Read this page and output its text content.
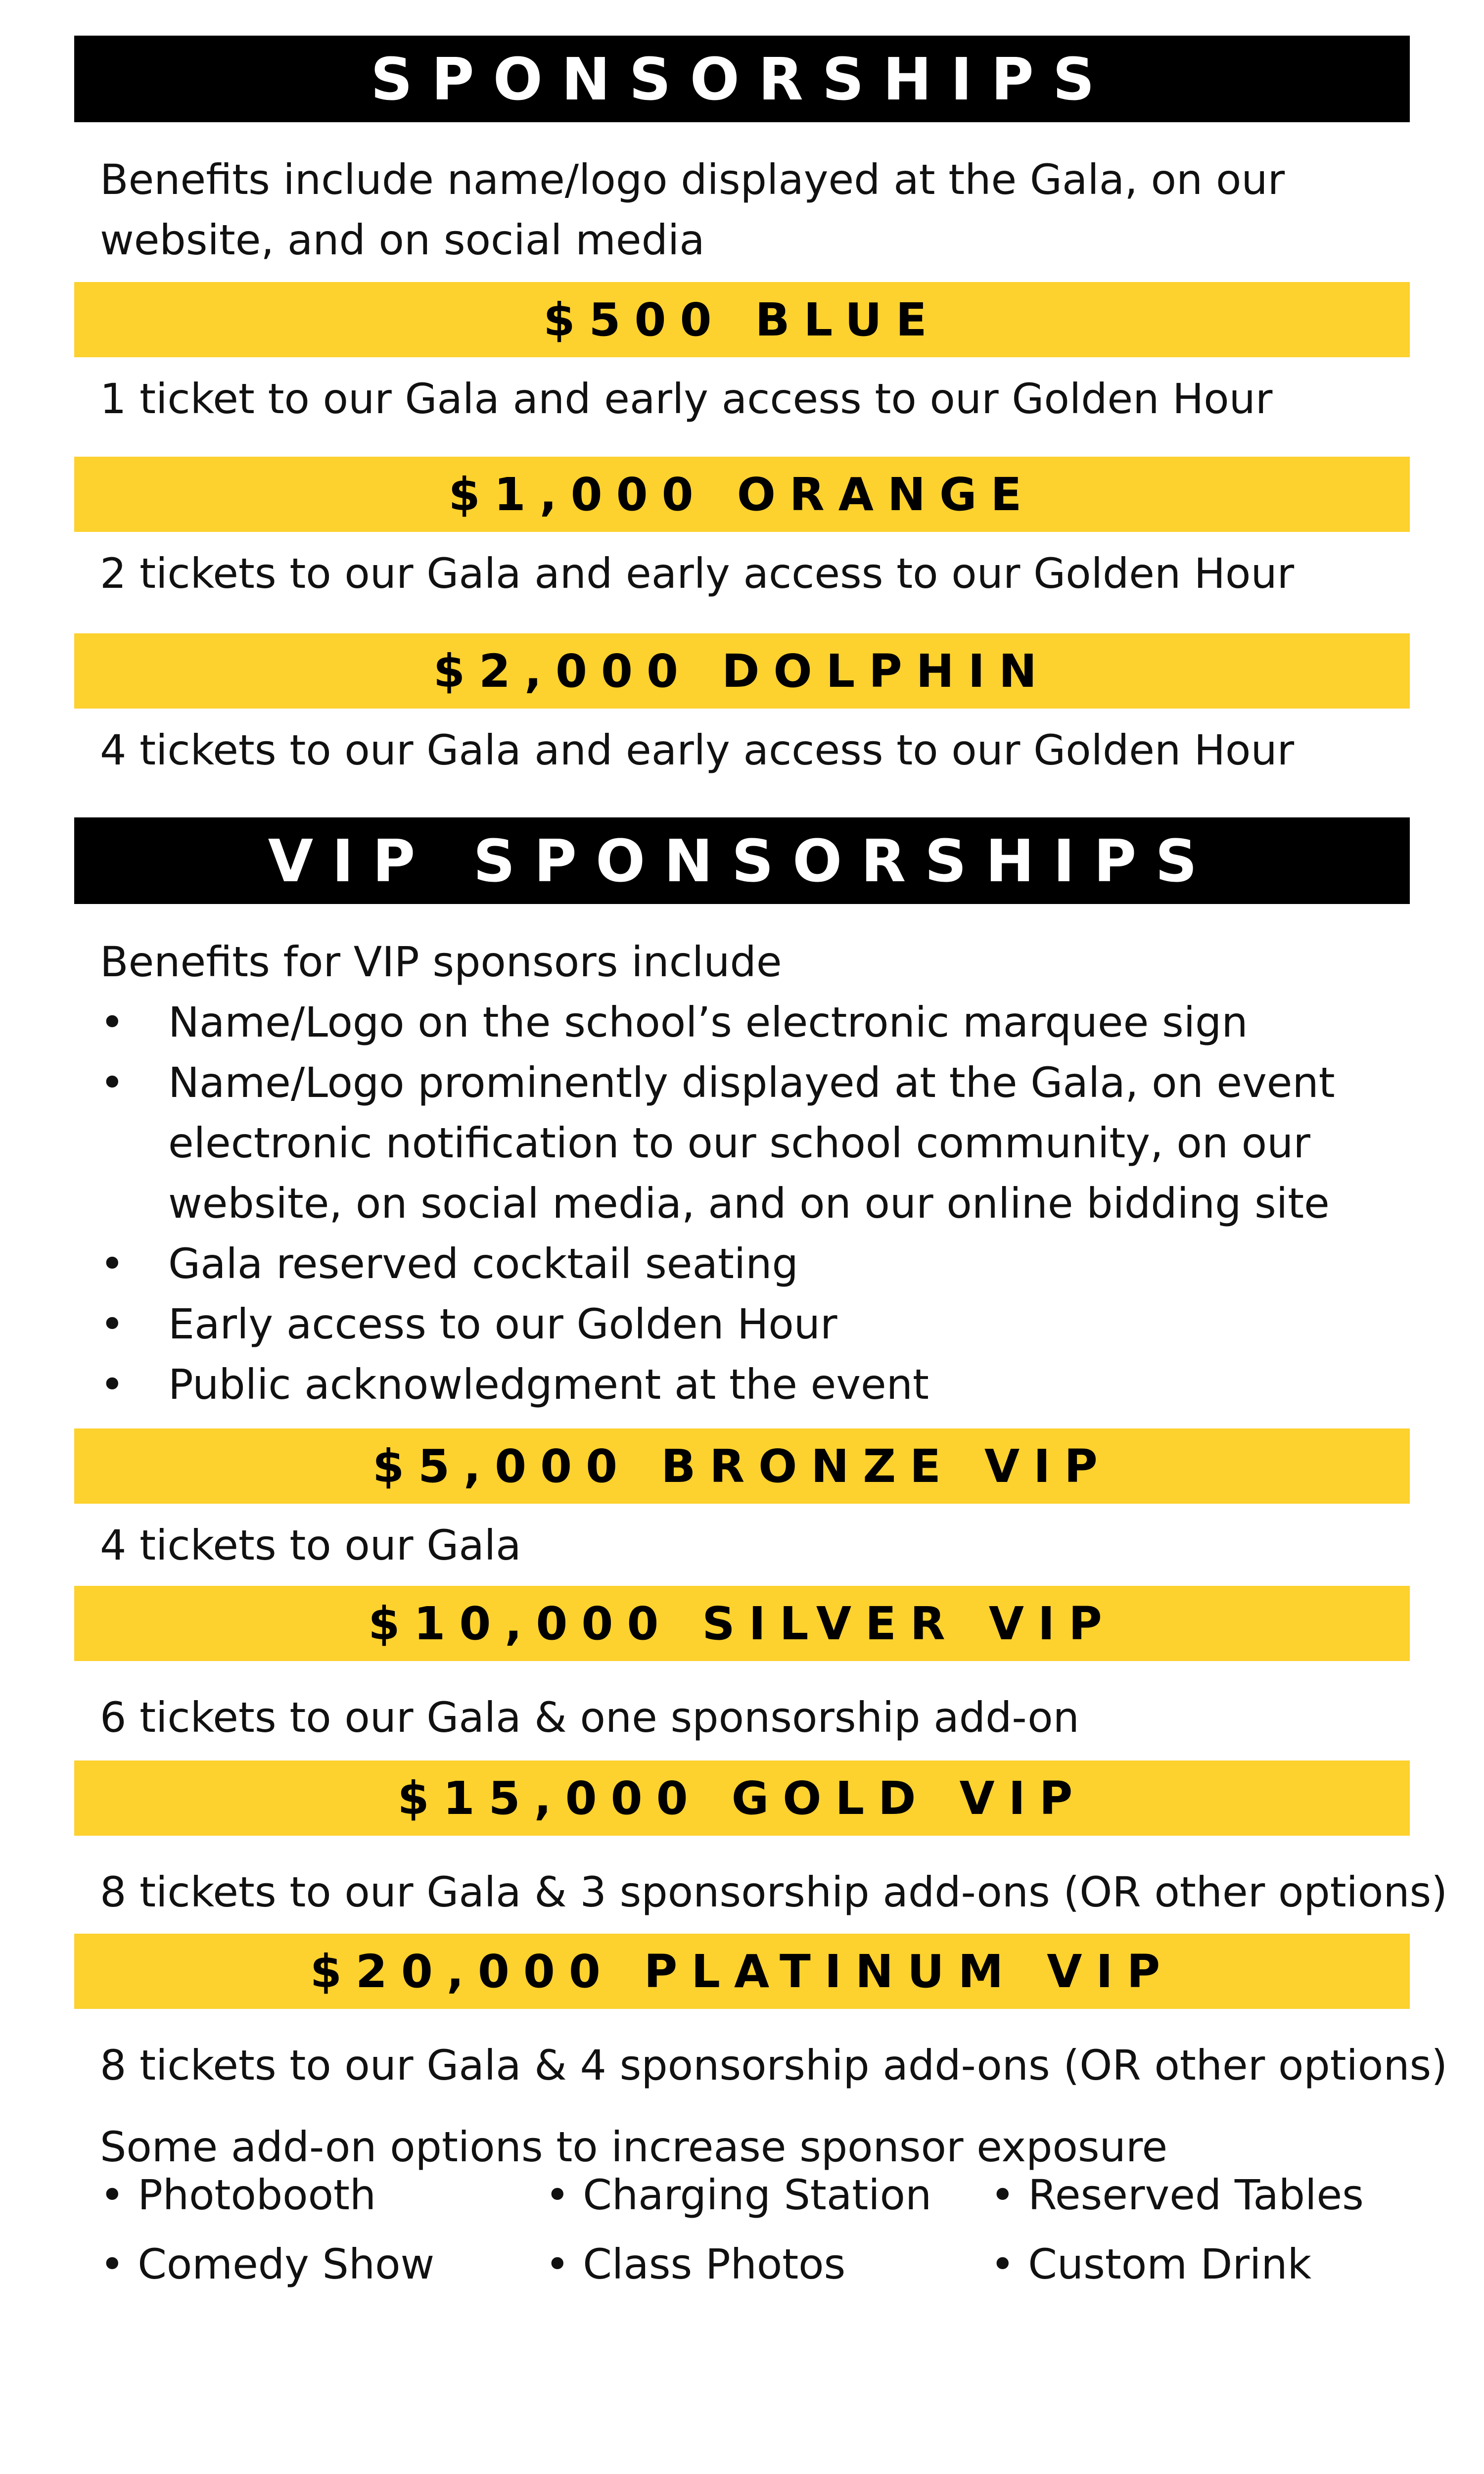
SPONSORSHIPS
Benefits include name/logo displayed at the Gala, on our
website, and on social media
$500 BLUE
1 ticket to our Gala and early access to our Golden Hour
$1,000 ORANGE
2 tickets to our Gala and early access to our Golden Hour
$2,000 DOLPHIN
4 tickets to our Gala and early access to our Golden Hour
VIP SPONSORSHIPS
Benefits for VIP sponsors include
• Name/Logo on the school’s electronic marquee sign
• Name/Logo prominently displayed at the Gala, on event
electronic notification to our school community, on our
website, on social media, and on our online bidding site
• Gala reserved cocktail seating
• Early access to our Golden Hour
• Public acknowledgment at the event
$5,000 BRONZE VIP
4 tickets to our Gala
$10,000 SILVER VIP
6 tickets to our Gala & one sponsorship add-on
$15,000 GOLD VIP
8 tickets to our Gala & 3 sponsorship add-ons (OR other options)
$20,000 PLATINUM VIP
8 tickets to our Gala & 4 sponsorship add-ons (OR other options)
Some add-on options to increase sponsor exposure
• Photobooth	• Charging Station	• Reserved Tables
• Comedy Show	• Class Photos	• Custom Drink
